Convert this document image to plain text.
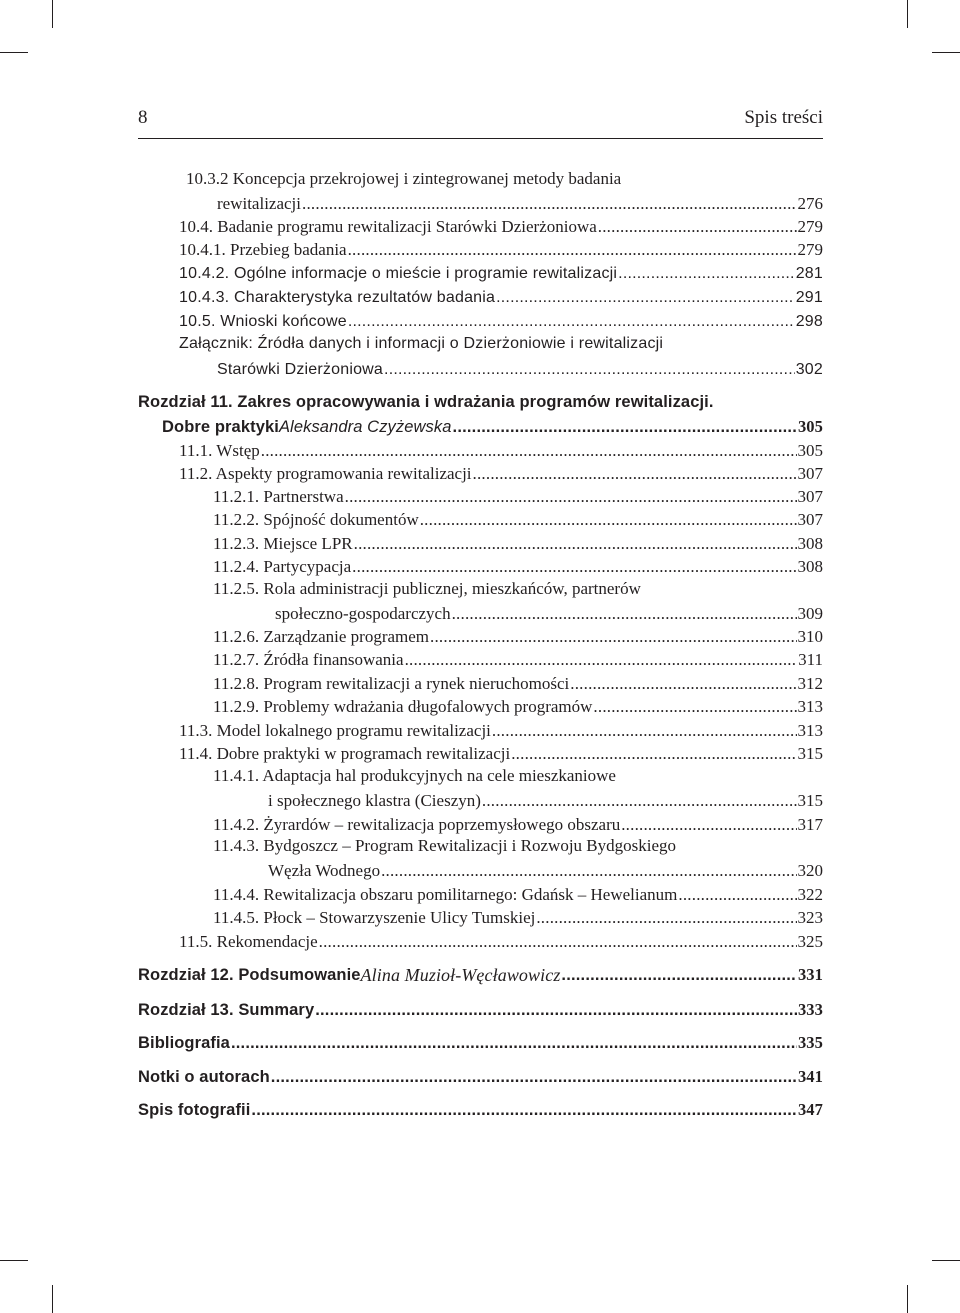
8	Spis treści
10.3.2 Koncepcja przekrojowej i zintegrowanej metody badania
rewitalizacji .....	276
10.4. Badanie programu rewitalizacji Starówki Dzierżoniowa .....	279
10.4.1. Przebieg badania .....	279
10.4.2. Ogólne informacje o mieście i programie rewitalizacji .....	281
10.4.3. Charakterystyka rezultatów badania .....	291
10.5. Wnioski końcowe .....	298
Załącznik: Źródła danych i informacji o Dzierżoniowie i rewitalizacji
Starówki Dzierżoniowa .....	302
Rozdział 11. Zakres opracowywania i wdrażania programów rewitalizacji.
Dobre praktyki Aleksandra Czyżewska .....	305
11.1. Wstęp .....	305
11.2. Aspekty programowania rewitalizacji .....	307
11.2.1. Partnerstwa .....	307
11.2.2. Spójność dokumentów .....	307
11.2.3. Miejsce LPR .....	308
11.2.4. Partycypacja .....	308
11.2.5. Rola administracji publicznej, mieszkańców, partnerów
społeczno-gospodarczych .....	309
11.2.6. Zarządzanie programem .....	310
11.2.7. Źródła finansowania .....	311
11.2.8. Program rewitalizacji a rynek nieruchomości .....	312
11.2.9. Problemy wdrażania długofalowych programów .....	313
11.3. Model lokalnego programu rewitalizacji .....	313
11.4. Dobre praktyki w programach rewitalizacji .....	315
11.4.1. Adaptacja hal produkcyjnych na cele mieszkaniowe
i społecznego klastra (Cieszyn) .....	315
11.4.2. Żyrardów – rewitalizacja poprzemysłowego obszaru .....	317
11.4.3. Bydgoszcz – Program Rewitalizacji i Rozwoju Bydgoskiego
Węzła Wodnego .....	320
11.4.4. Rewitalizacja obszaru pomilitarnego: Gdańsk – Hewelianum .....	322
11.4.5. Płock – Stowarzyszenie Ulicy Tumskiej .....	323
11.5. Rekomendacje .....	325
Rozdział 12. Podsumowanie Alina Muzioł-Węcławowicz .....	331
Rozdział 13. Summary .....	333
Bibliografia .....	335
Notki o autorach .....	341
Spis fotografii .....	347
